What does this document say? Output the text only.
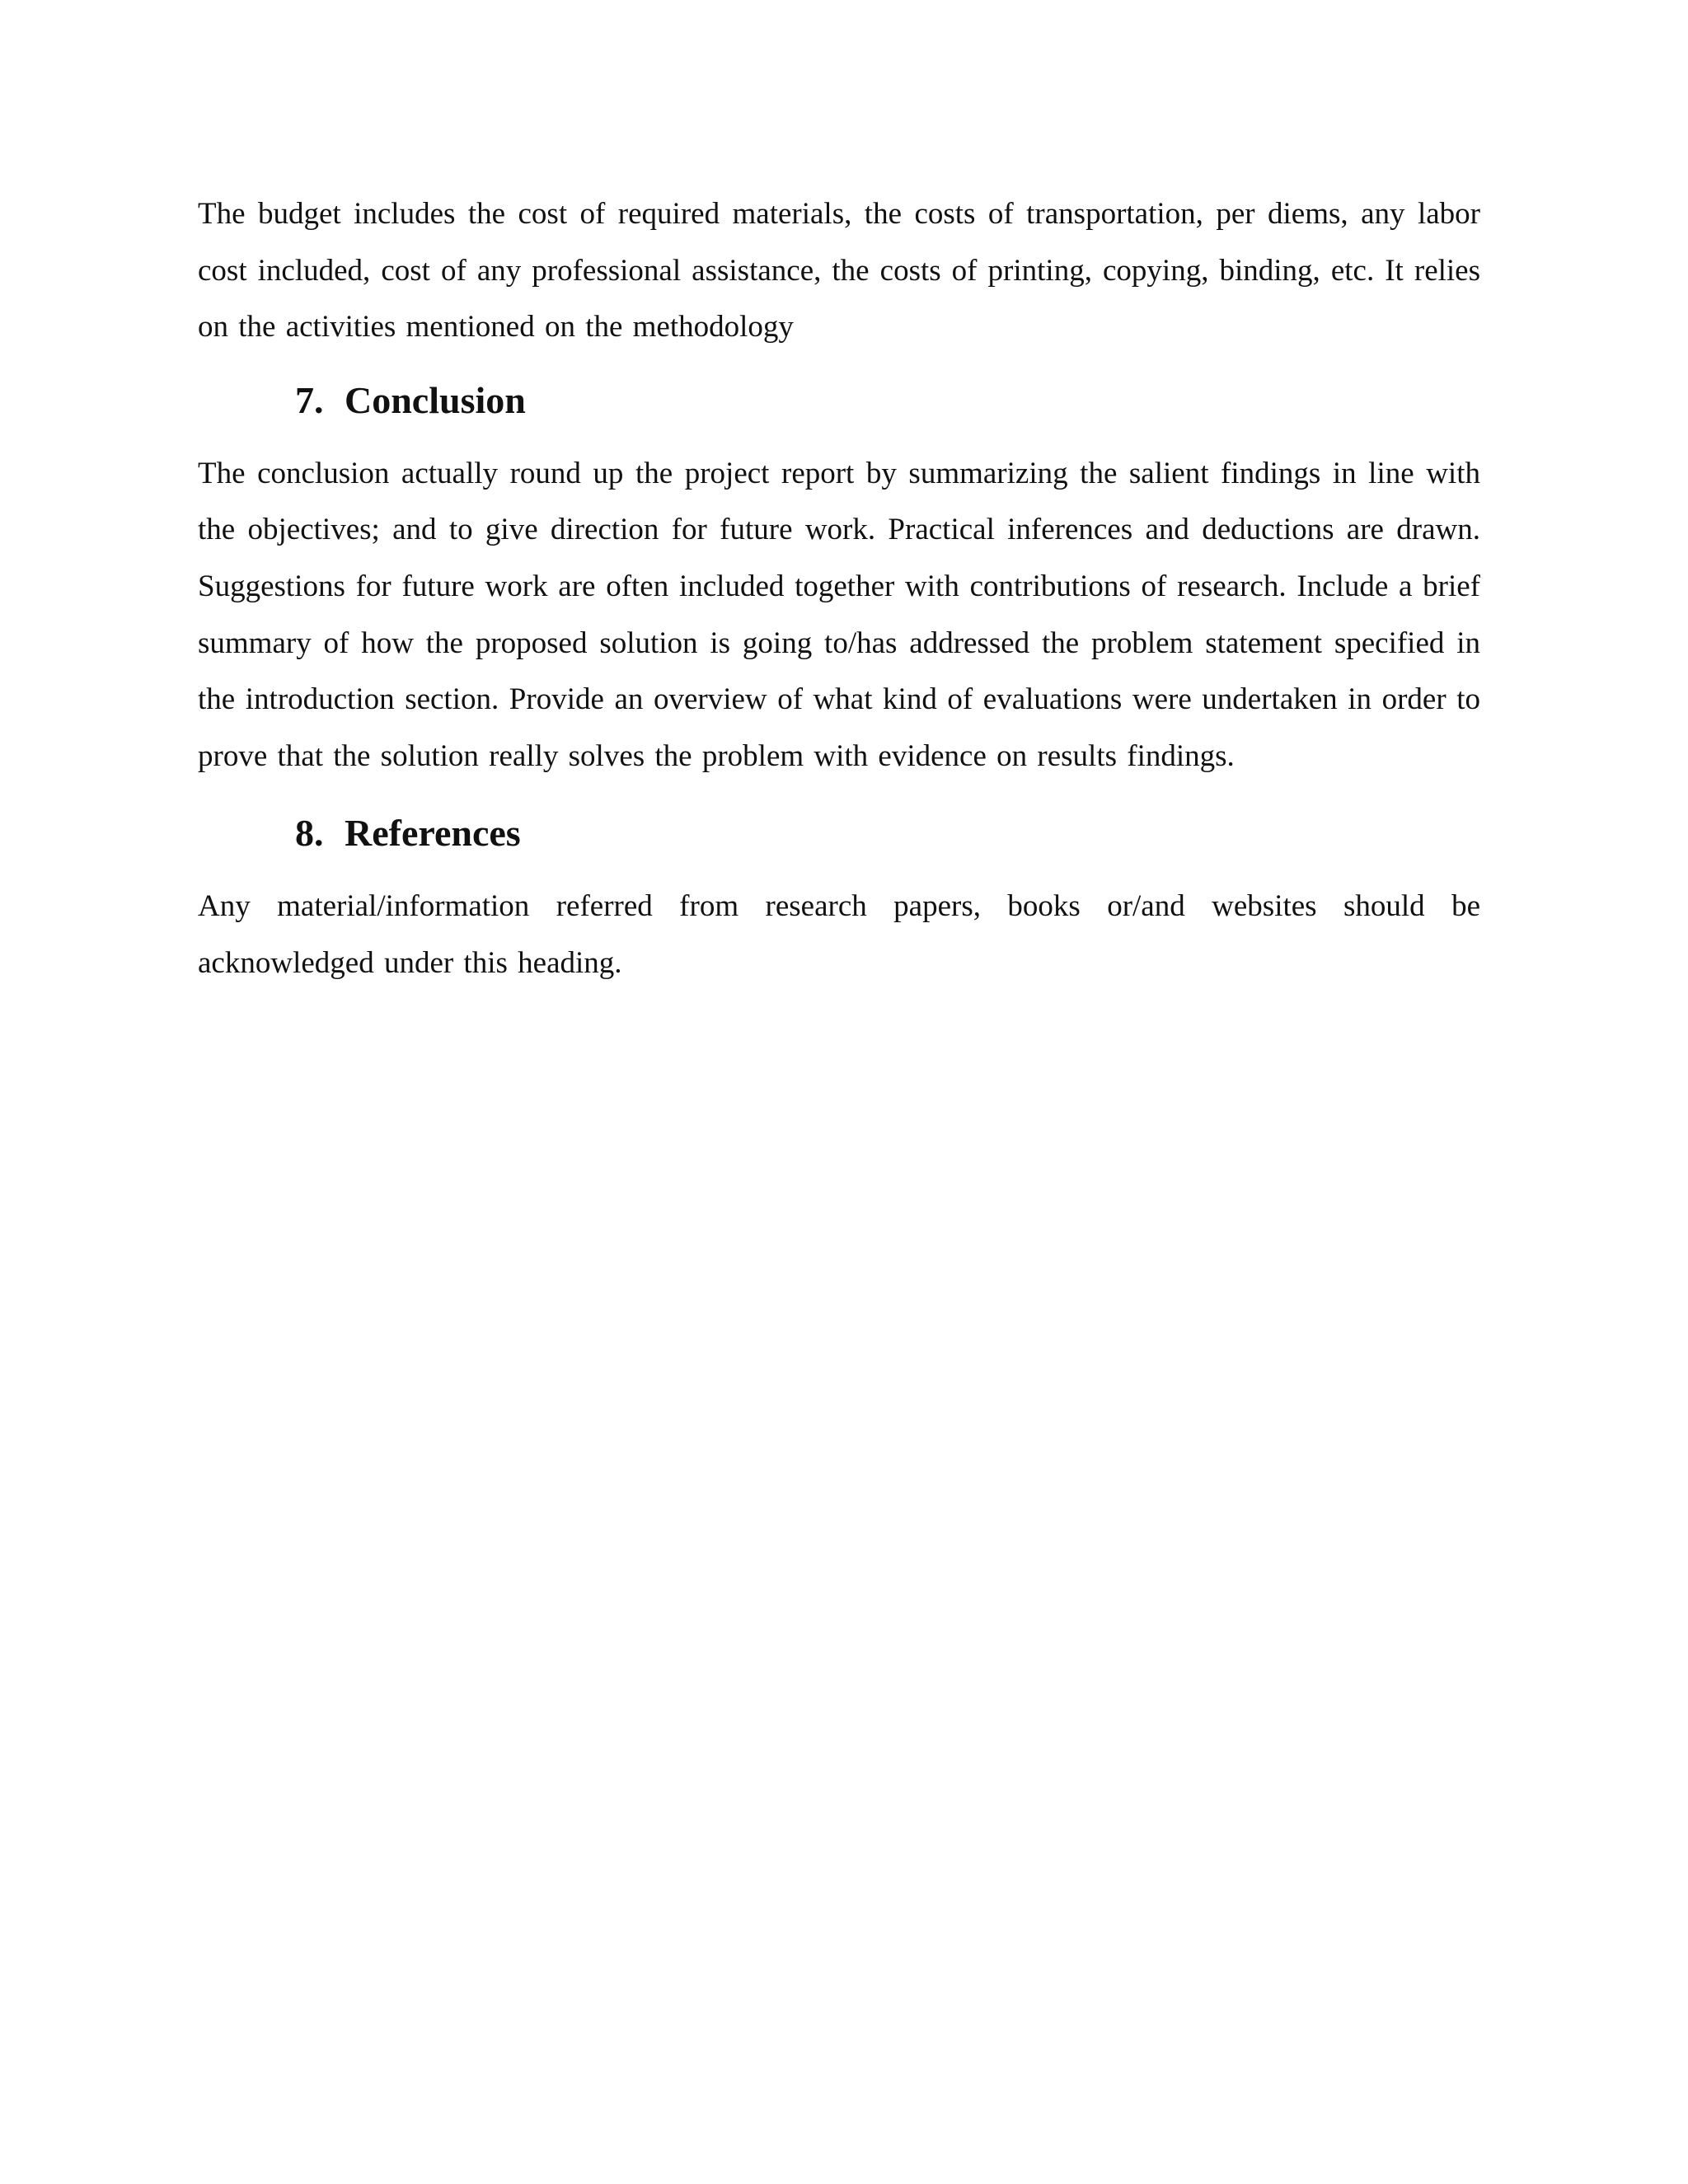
The budget includes the cost of required materials, the costs of transportation, per diems, any labor cost included, cost of any professional assistance, the costs of printing, copying, binding, etc. It relies on the activities mentioned on the methodology

7. Conclusion

The conclusion actually round up the project report by summarizing the salient findings in line with the objectives; and to give direction for future work. Practical inferences and deductions are drawn. Suggestions for future work are often included together with contributions of research. Include a brief summary of how the proposed solution is going to/has addressed the problem statement specified in the introduction section. Provide an overview of what kind of evaluations were undertaken in order to prove that the solution really solves the problem with evidence on results findings.

8. References

Any material/information referred from research papers, books or/and websites should be acknowledged under this heading.
